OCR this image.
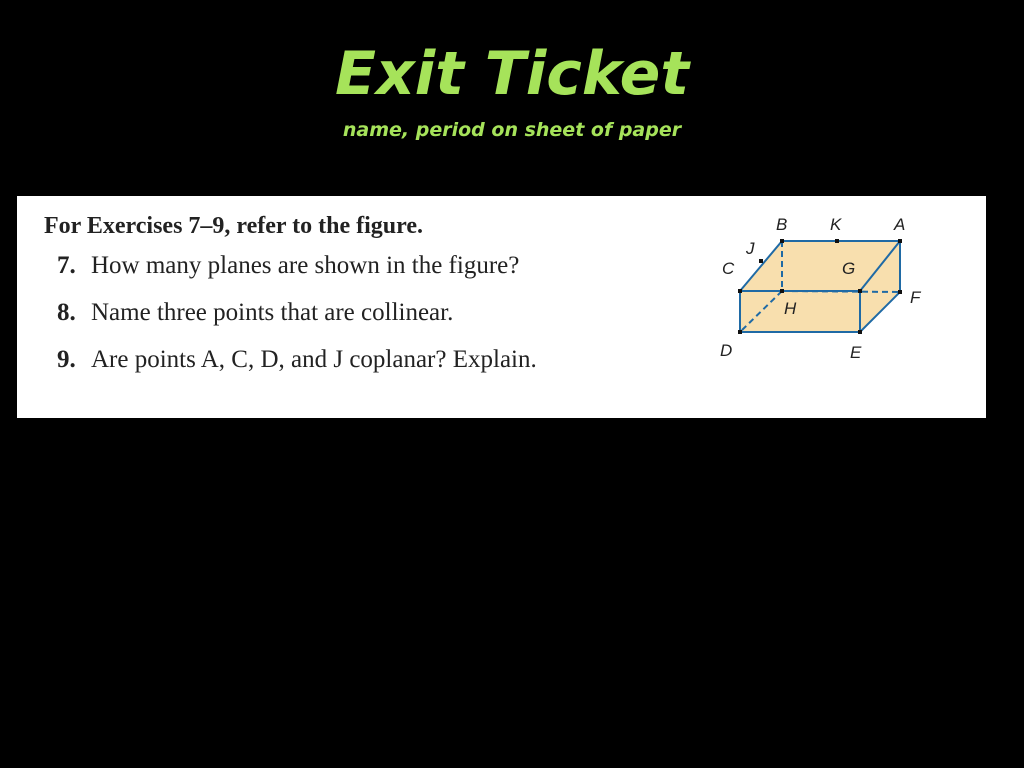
Exit Ticket
name, period on sheet of paper
For Exercises 7–9, refer to the figure.
7. How many planes are shown in the figure?
8. Name three points that are collinear.
9. Are points A, C, D, and J coplanar? Explain.
B	K	A
J
C	G
F
H
D	E
